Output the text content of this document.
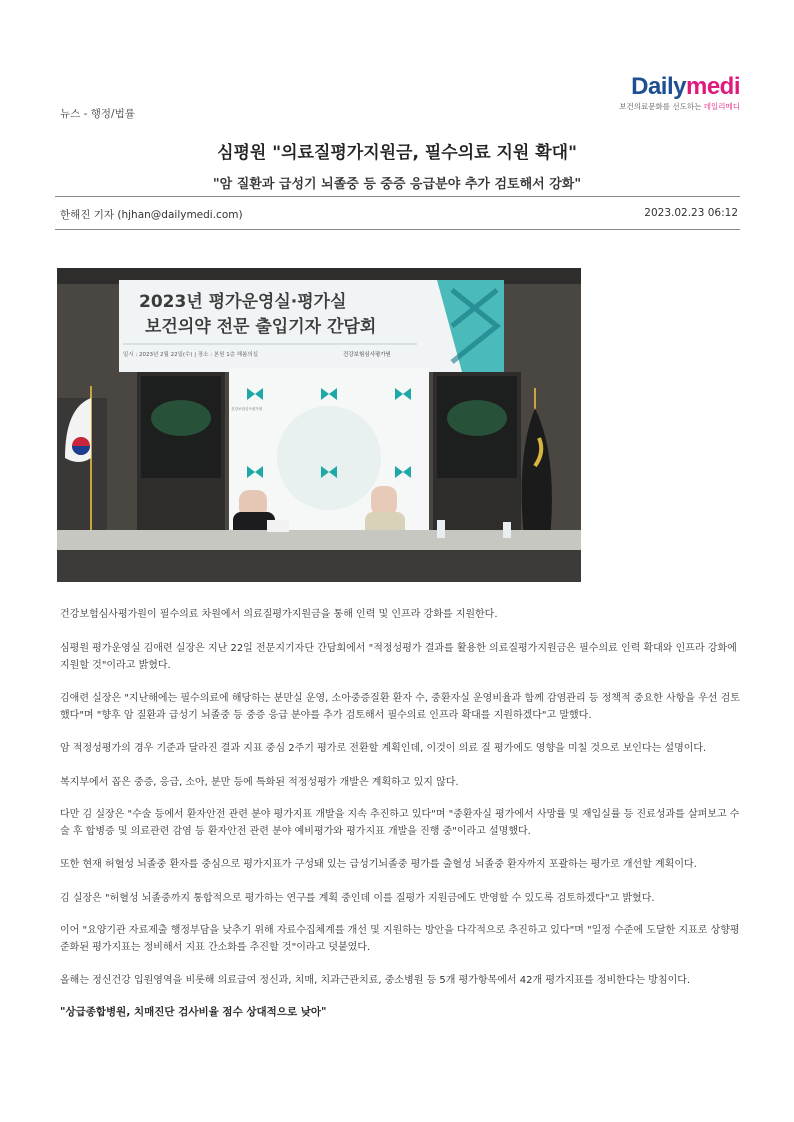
Dailymedi
보건의료문화를 선도하는 데일리메디
뉴스 - 행정/법률
심평원 "의료질평가지원금, 필수의료 지원 확대"
"암 질환과 급성기 뇌졸중 등 중증 응급분야 추가 검토해서 강화"
한해진 기자 (hjhan@dailymedi.com)	2023.02.23 06:12
2023년 평가운영실·평가실
보건의약 전문 출입기자 간담회
일시 : 2023년 2월 22일(수) | 장소 : 본원 1층 해봄의실	건강보험심사평가원
건강보험심사평가원

건강보험심사평가원이 필수의료 차원에서 의료질평가지원금을 통해 인력 및 인프라 강화를 지원한다.

심평원 평가운영실 김애련 실장은 지난 22일 전문지기자단 간담회에서 "적정성평가 결과를 활용한 의료질평가지원금은 필수의료 인력 확대와 인프라 강화에 지원할 것"이라고 밝혔다.

김애련 실장은 "지난해에는 필수의료에 해당하는 분만실 운영, 소아중증질환 환자 수, 중환자실 운영비율과 함께 감염관리 등 정책적 중요한 사항을 우선 검토했다"며 "향후 암 질환과 급성기 뇌졸중 등 중증 응급 분야를 추가 검토해서 필수의료 인프라 확대를 지원하겠다"고 말했다.

암 적정성평가의 경우 기준과 달라진 결과 지표 중심 2주기 평가로 전환할 계획인데, 이것이 의료 질 평가에도 영향을 미칠 것으로 보인다는 설명이다.

복지부에서 꼽은 중증, 응급, 소아, 분만 등에 특화된 적정성평가 개발은 계획하고 있지 않다.

다만 김 실장은 "수술 등에서 환자안전 관련 분야 평가지표 개발을 지속 추진하고 있다"며 "중환자실 평가에서 사망률 및 재입실률 등 진료성과를 살펴보고 수술 후 합병증 및 의료관련 감염 등 환자안전 관련 분야 예비평가와 평가지표 개발을 진행 중"이라고 설명했다.

또한 현재 허혈성 뇌졸중 환자를 중심으로 평가지표가 구성돼 있는 급성기뇌졸중 평가를 출혈성 뇌졸중 환자까지 포괄하는 평가로 개선할 계획이다.

김 실장은 "허혈성 뇌졸중까지 통합적으로 평가하는 연구를 계획 중인데 이를 질평가 지원금에도 반영할 수 있도록 검토하겠다"고 밝혔다.

이어 "요양기관 자료제출 행정부담을 낮추기 위해 자료수집체계를 개선 및 지원하는 방안을 다각적으로 추진하고 있다"며 "일정 수준에 도달한 지표로 상향평준화된 평가지표는 정비해서 지표 간소화를 추진할 것"이라고 덧붙였다.

올해는 정신건강 입원영역을 비롯해 의료급여 정신과, 치매, 치과근관치료, 중소병원 등 5개 평가항목에서 42개 평가지표를 정비한다는 방침이다.

"상급종합병원, 치매진단 검사비율 점수 상대적으로 낮아"
